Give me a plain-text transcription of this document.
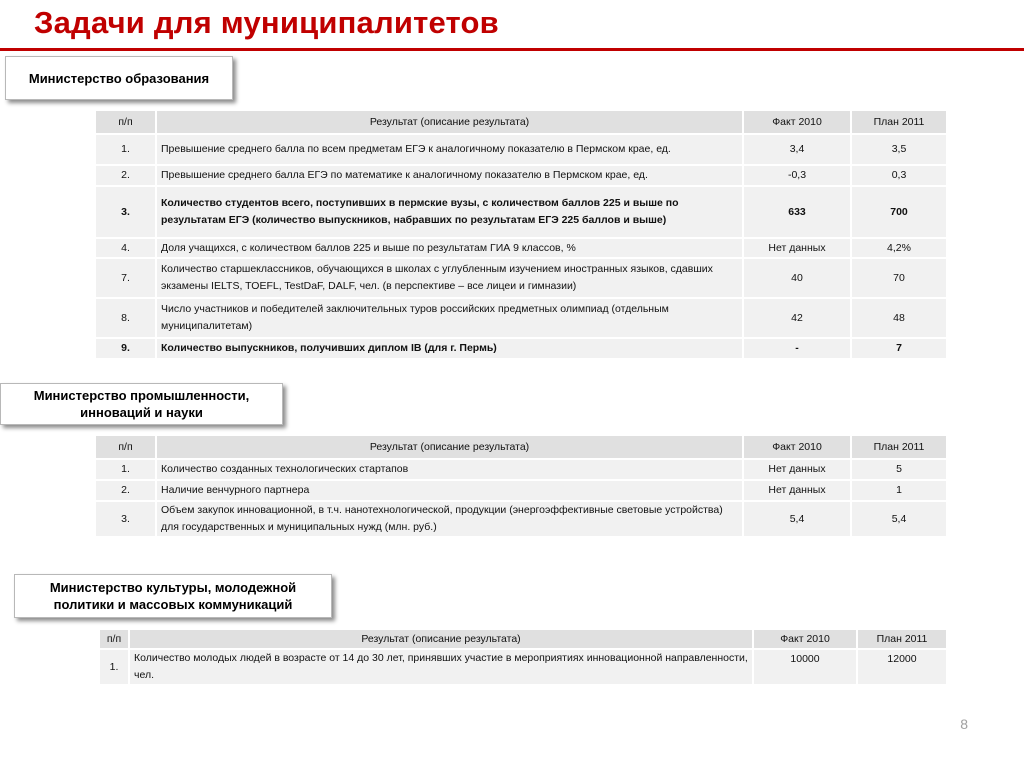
Задачи для муниципалитетов
Министерство образования
п/п	Результат (описание результата)	Факт 2010	План 2011
1.	Превышение среднего балла по всем предметам ЕГЭ к аналогичному показателю в Пермском крае, ед.	3,4	3,5
2.	Превышение среднего балла ЕГЭ по математике к аналогичному показателю в Пермском крае, ед.	-0,3	0,3
3.	Количество студентов всего, поступивших в пермские вузы, с количеством баллов 225 и выше по результатам ЕГЭ (количество выпускников, набравших по результатам ЕГЭ 225 баллов и выше)	633	700
4.	Доля учащихся, с количеством баллов 225 и выше по результатам ГИА 9 классов, %	Нет данных	4,2%
7.	Количество старшеклассников, обучающихся в школах с углубленным изучением иностранных языков, сдавших экзамены IELTS, TOEFL, TestDaF, DALF, чел. (в перспективе – все лицеи и гимназии)	40	70
8.	Число участников и победителей заключительных туров российских предметных олимпиад (отдельным муниципалитетам)	42	48
9.	Количество выпускников, получивших диплом IB (для г. Пермь)	-	7
Министерство промышленности, инноваций и науки
п/п	Результат (описание результата)	Факт 2010	План 2011
1.	Количество созданных технологических стартапов	Нет данных	5
2.	Наличие венчурного партнера	Нет данных	1
3.	Объем закупок инновационной, в т.ч. нанотехнологической, продукции (энергоэффективные световые устройства) для государственных и муниципальных нужд (млн. руб.)	5,4	5,4
Министерство культуры, молодежной политики и массовых коммуникаций
п/п	Результат (описание результата)	Факт 2010	План 2011
1.	Количество молодых людей в возрасте от 14 до 30 лет, принявших участие в мероприятиях инновационной направленности, чел.	10000	12000
8
